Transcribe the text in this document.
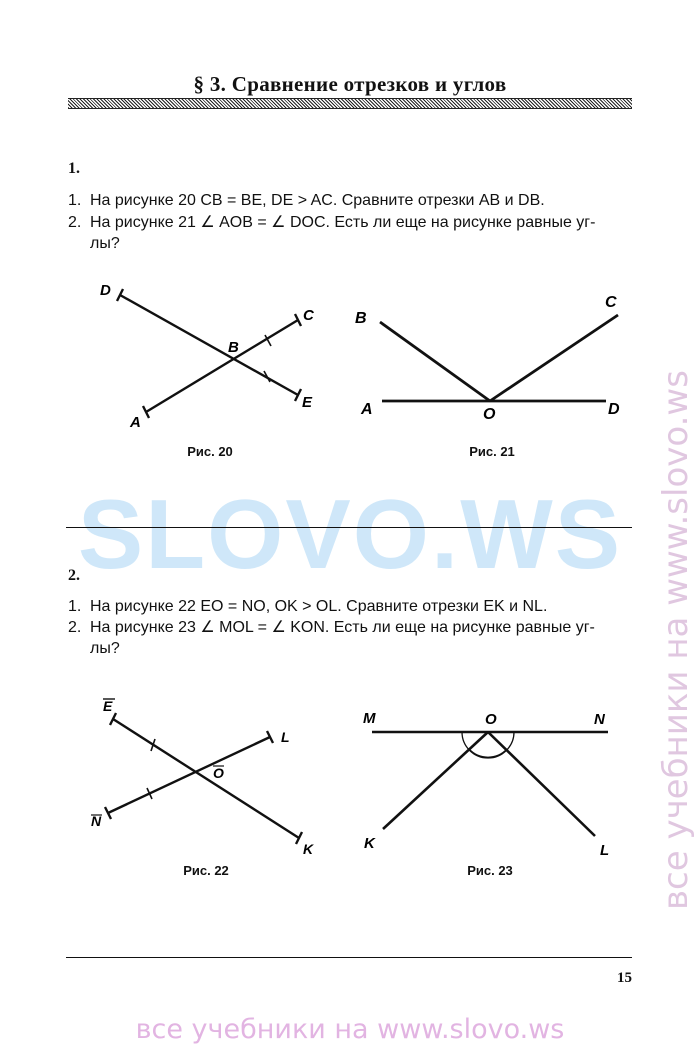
SLOVO.WS все учебники на www.slovo.ws
все учебники на www.slovo.ws
§ 3. Сравнение отрезков и углов
1.
1. На рисунке 20 CB = BE, DE > AC. Сравните отрезки AB и DB.
2. На рисунке 21 ∠ AOB = ∠ DOC. Есть ли еще на рисунке равные уг-
лы?
D
C
B
A
E
Рис. 20
B
C
A	O	D
Рис. 21
2.
1. На рисунке 22 EO = NO, OK > OL. Сравните отрезки EK и NL.
2. На рисунке 23 ∠ MOL = ∠ KON. Есть ли еще на рисунке равные уг-
лы?
E
L
O
N
K
Рис. 22
M	O	N
K	L
Рис. 23
15
